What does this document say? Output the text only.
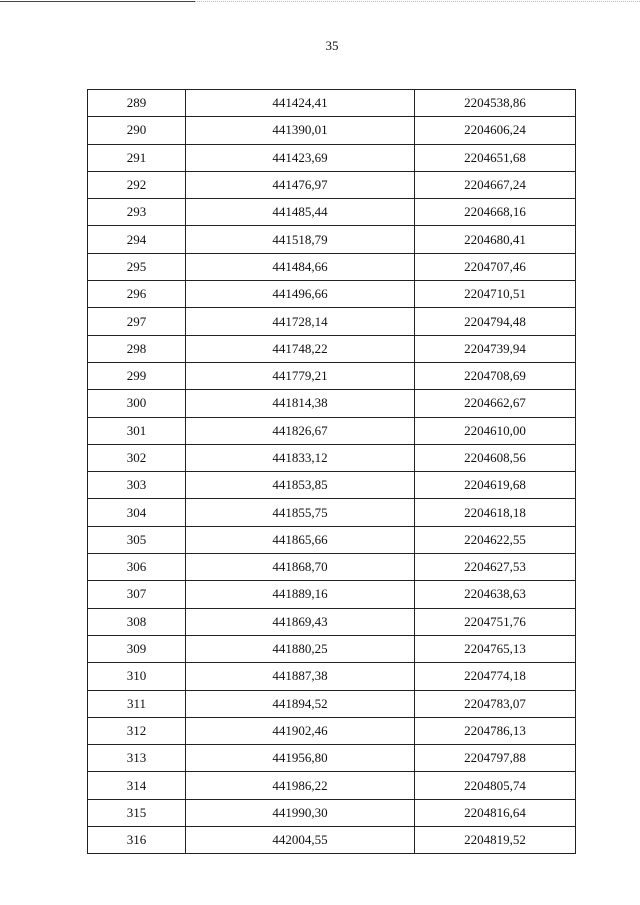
35
289	441424,41	2204538,86
290	441390,01	2204606,24
291	441423,69	2204651,68
292	441476,97	2204667,24
293	441485,44	2204668,16
294	441518,79	2204680,41
295	441484,66	2204707,46
296	441496,66	2204710,51
297	441728,14	2204794,48
298	441748,22	2204739,94
299	441779,21	2204708,69
300	441814,38	2204662,67
301	441826,67	2204610,00
302	441833,12	2204608,56
303	441853,85	2204619,68
304	441855,75	2204618,18
305	441865,66	2204622,55
306	441868,70	2204627,53
307	441889,16	2204638,63
308	441869,43	2204751,76
309	441880,25	2204765,13
310	441887,38	2204774,18
311	441894,52	2204783,07
312	441902,46	2204786,13
313	441956,80	2204797,88
314	441986,22	2204805,74
315	441990,30	2204816,64
316	442004,55	2204819,52
